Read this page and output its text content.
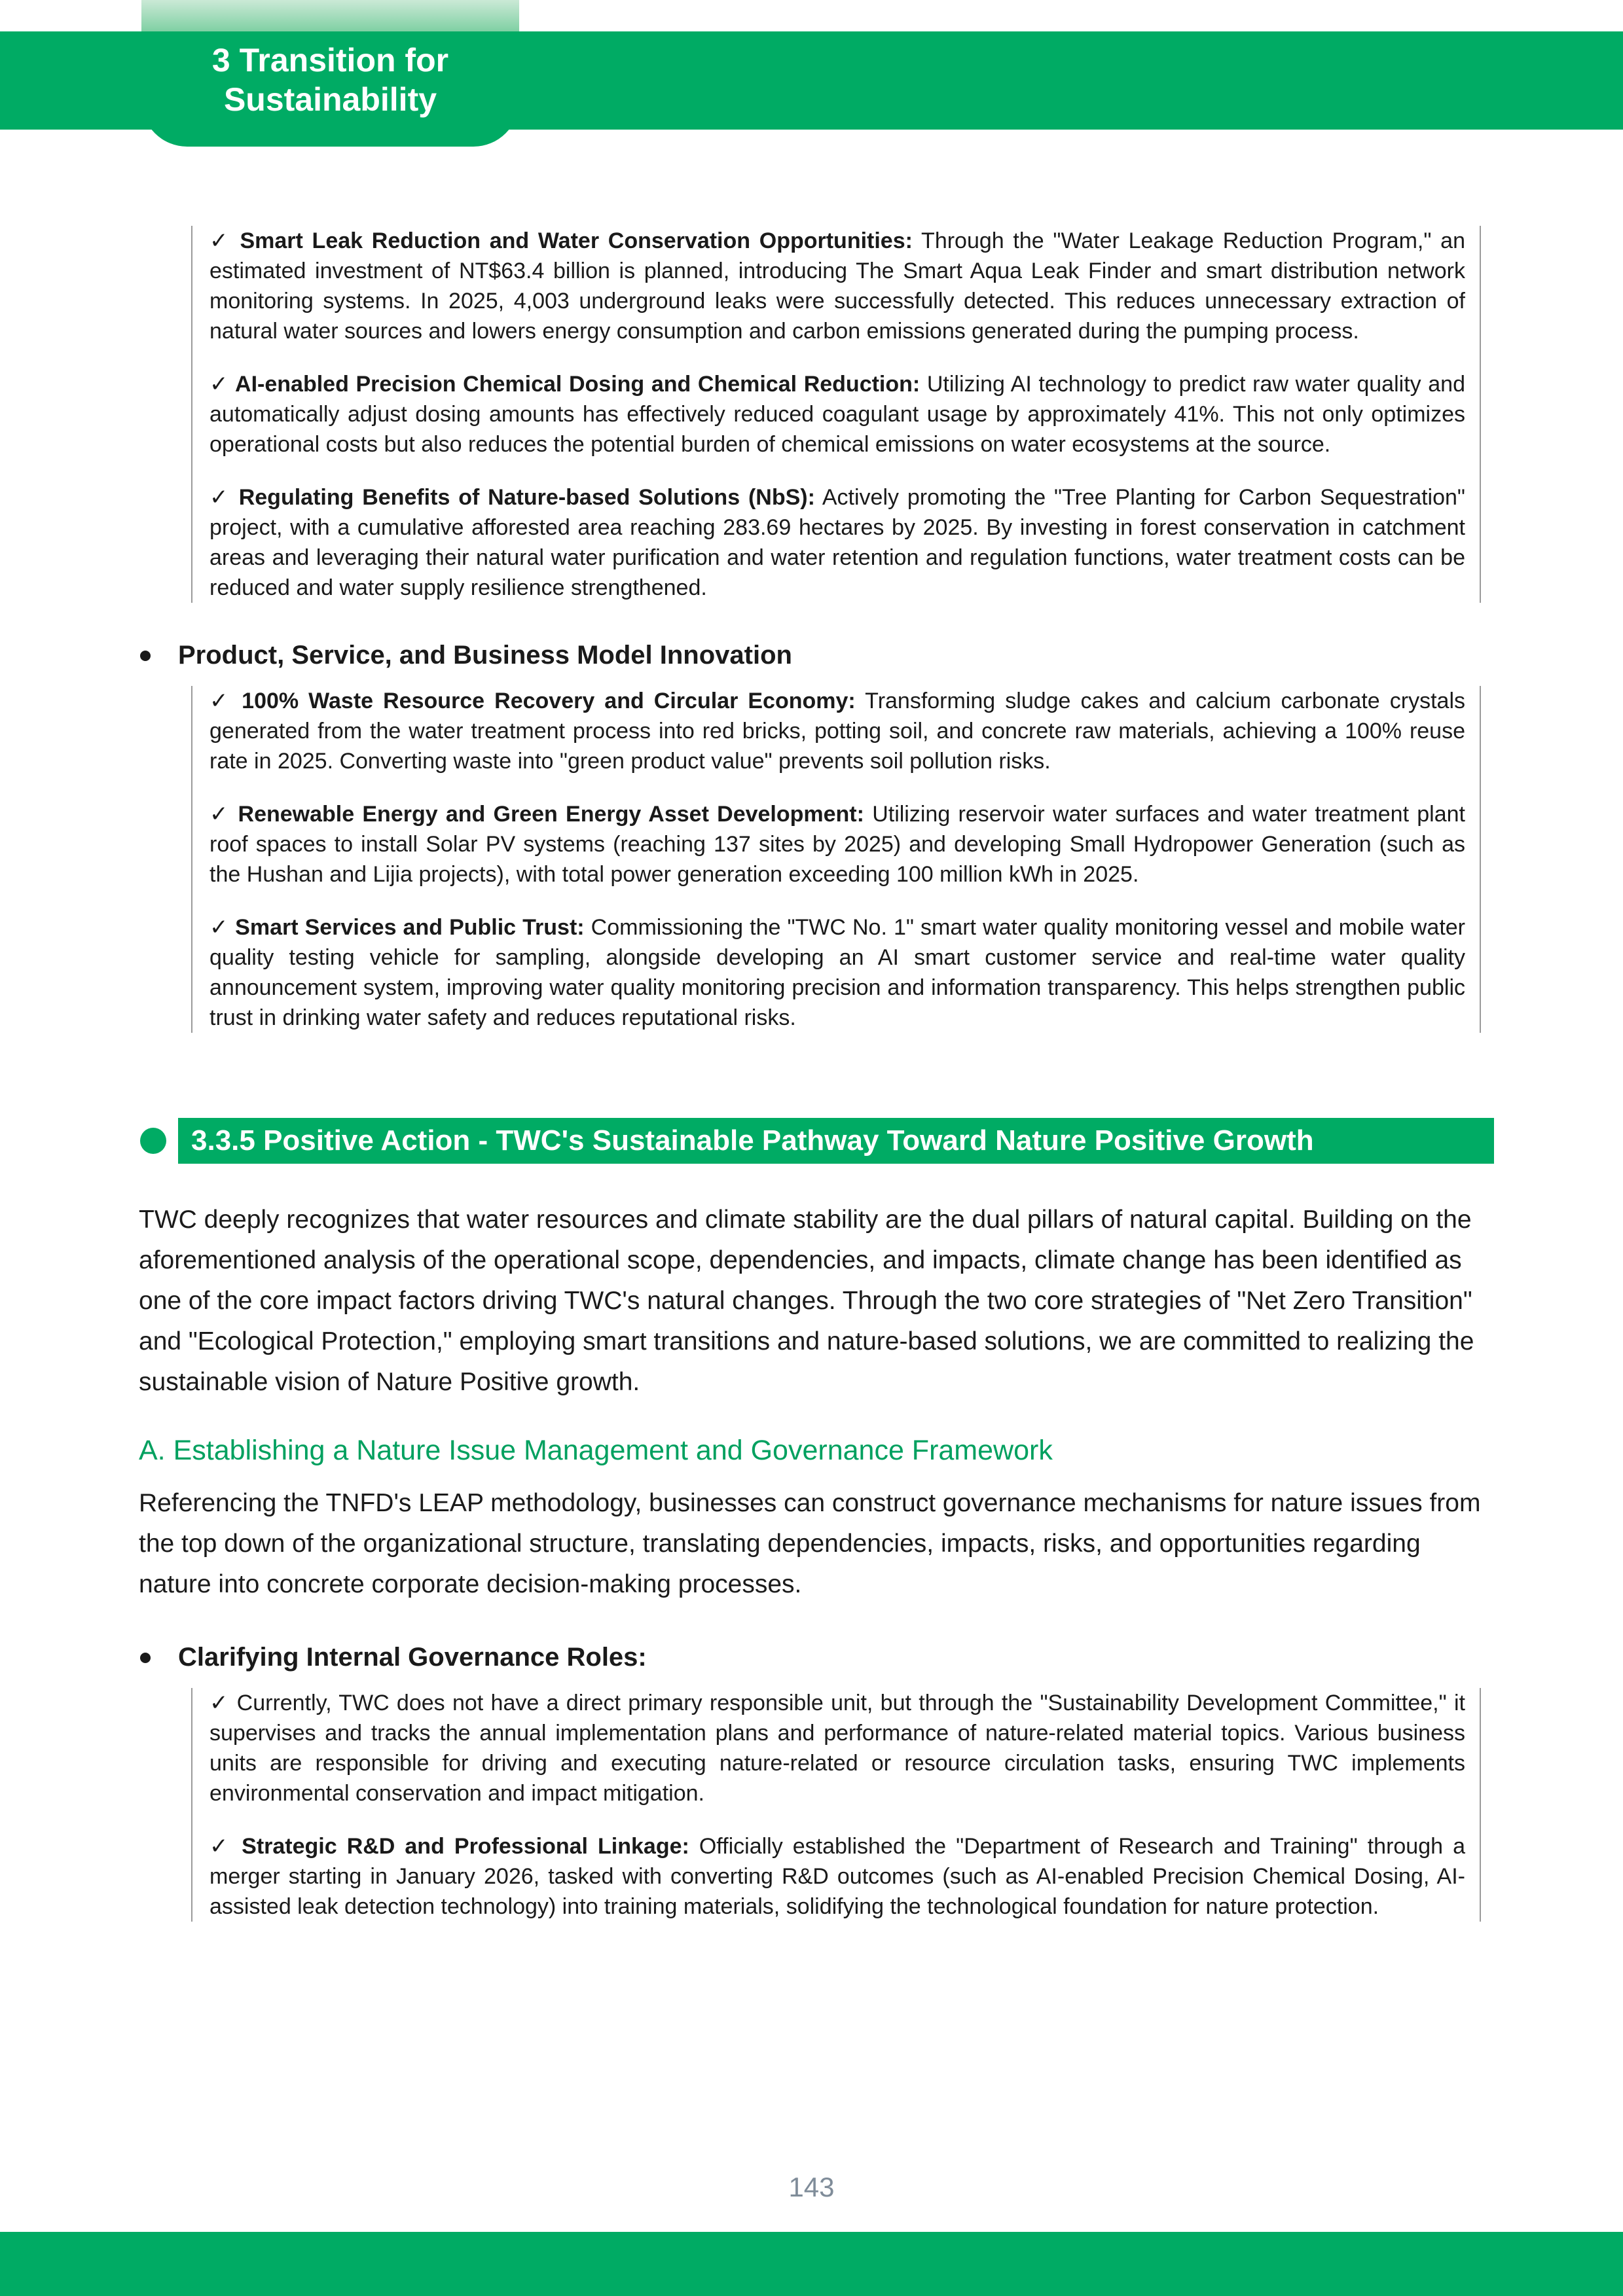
3 Transition for
Sustainability

✓ Smart Leak Reduction and Water Conservation Opportunities: Through the "Water Leakage Reduction Program," an estimated investment of NT$63.4 billion is planned, introducing The Smart Aqua Leak Finder and smart distribution network monitoring systems. In 2025, 4,003 underground leaks were successfully detected. This reduces unnecessary extraction of natural water sources and lowers energy consumption and carbon emissions generated during the pumping process.

✓ AI-enabled Precision Chemical Dosing and Chemical Reduction: Utilizing AI technology to predict raw water quality and automatically adjust dosing amounts has effectively reduced coagulant usage by approximately 41%. This not only optimizes operational costs but also reduces the potential burden of chemical emissions on water ecosystems at the source.

✓ Regulating Benefits of Nature-based Solutions (NbS): Actively promoting the "Tree Planting for Carbon Sequestration" project, with a cumulative afforested area reaching 283.69 hectares by 2025. By investing in forest conservation in catchment areas and leveraging their natural water purification and water retention and regulation functions, water treatment costs can be reduced and water supply resilience strengthened.

Product, Service, and Business Model Innovation

✓ 100% Waste Resource Recovery and Circular Economy: Transforming sludge cakes and calcium carbonate crystals generated from the water treatment process into red bricks, potting soil, and concrete raw materials, achieving a 100% reuse rate in 2025. Converting waste into "green product value" prevents soil pollution risks.

✓ Renewable Energy and Green Energy Asset Development: Utilizing reservoir water surfaces and water treatment plant roof spaces to install Solar PV systems (reaching 137 sites by 2025) and developing Small Hydropower Generation (such as the Hushan and Lijia projects), with total power generation exceeding 100 million kWh in 2025.

✓ Smart Services and Public Trust: Commissioning the "TWC No. 1" smart water quality monitoring vessel and mobile water quality testing vehicle for sampling, alongside developing an AI smart customer service and real-time water quality announcement system, improving water quality monitoring precision and information transparency. This helps strengthen public trust in drinking water safety and reduces reputational risks.

3.3.5 Positive Action - TWC's Sustainable Pathway Toward Nature Positive Growth

TWC deeply recognizes that water resources and climate stability are the dual pillars of natural capital. Building on the aforementioned analysis of the operational scope, dependencies, and impacts, climate change has been identified as one of the core impact factors driving TWC's natural changes. Through the two core strategies of "Net Zero Transition" and "Ecological Protection," employing smart transitions and nature-based solutions, we are committed to realizing the sustainable vision of Nature Positive growth.

A. Establishing a Nature Issue Management and Governance Framework

Referencing the TNFD's LEAP methodology, businesses can construct governance mechanisms for nature issues from the top down of the organizational structure, translating dependencies, impacts, risks, and opportunities regarding nature into concrete corporate decision-making processes.

Clarifying Internal Governance Roles:

✓ Currently, TWC does not have a direct primary responsible unit, but through the "Sustainability Development Committee," it supervises and tracks the annual implementation plans and performance of nature-related material topics. Various business units are responsible for driving and executing nature-related or resource circulation tasks, ensuring TWC implements environmental conservation and impact mitigation.

✓ Strategic R&D and Professional Linkage: Officially established the "Department of Research and Training" through a merger starting in January 2026, tasked with converting R&D outcomes (such as AI-enabled Precision Chemical Dosing, AI-assisted leak detection technology) into training materials, solidifying the technological foundation for nature protection.

143
